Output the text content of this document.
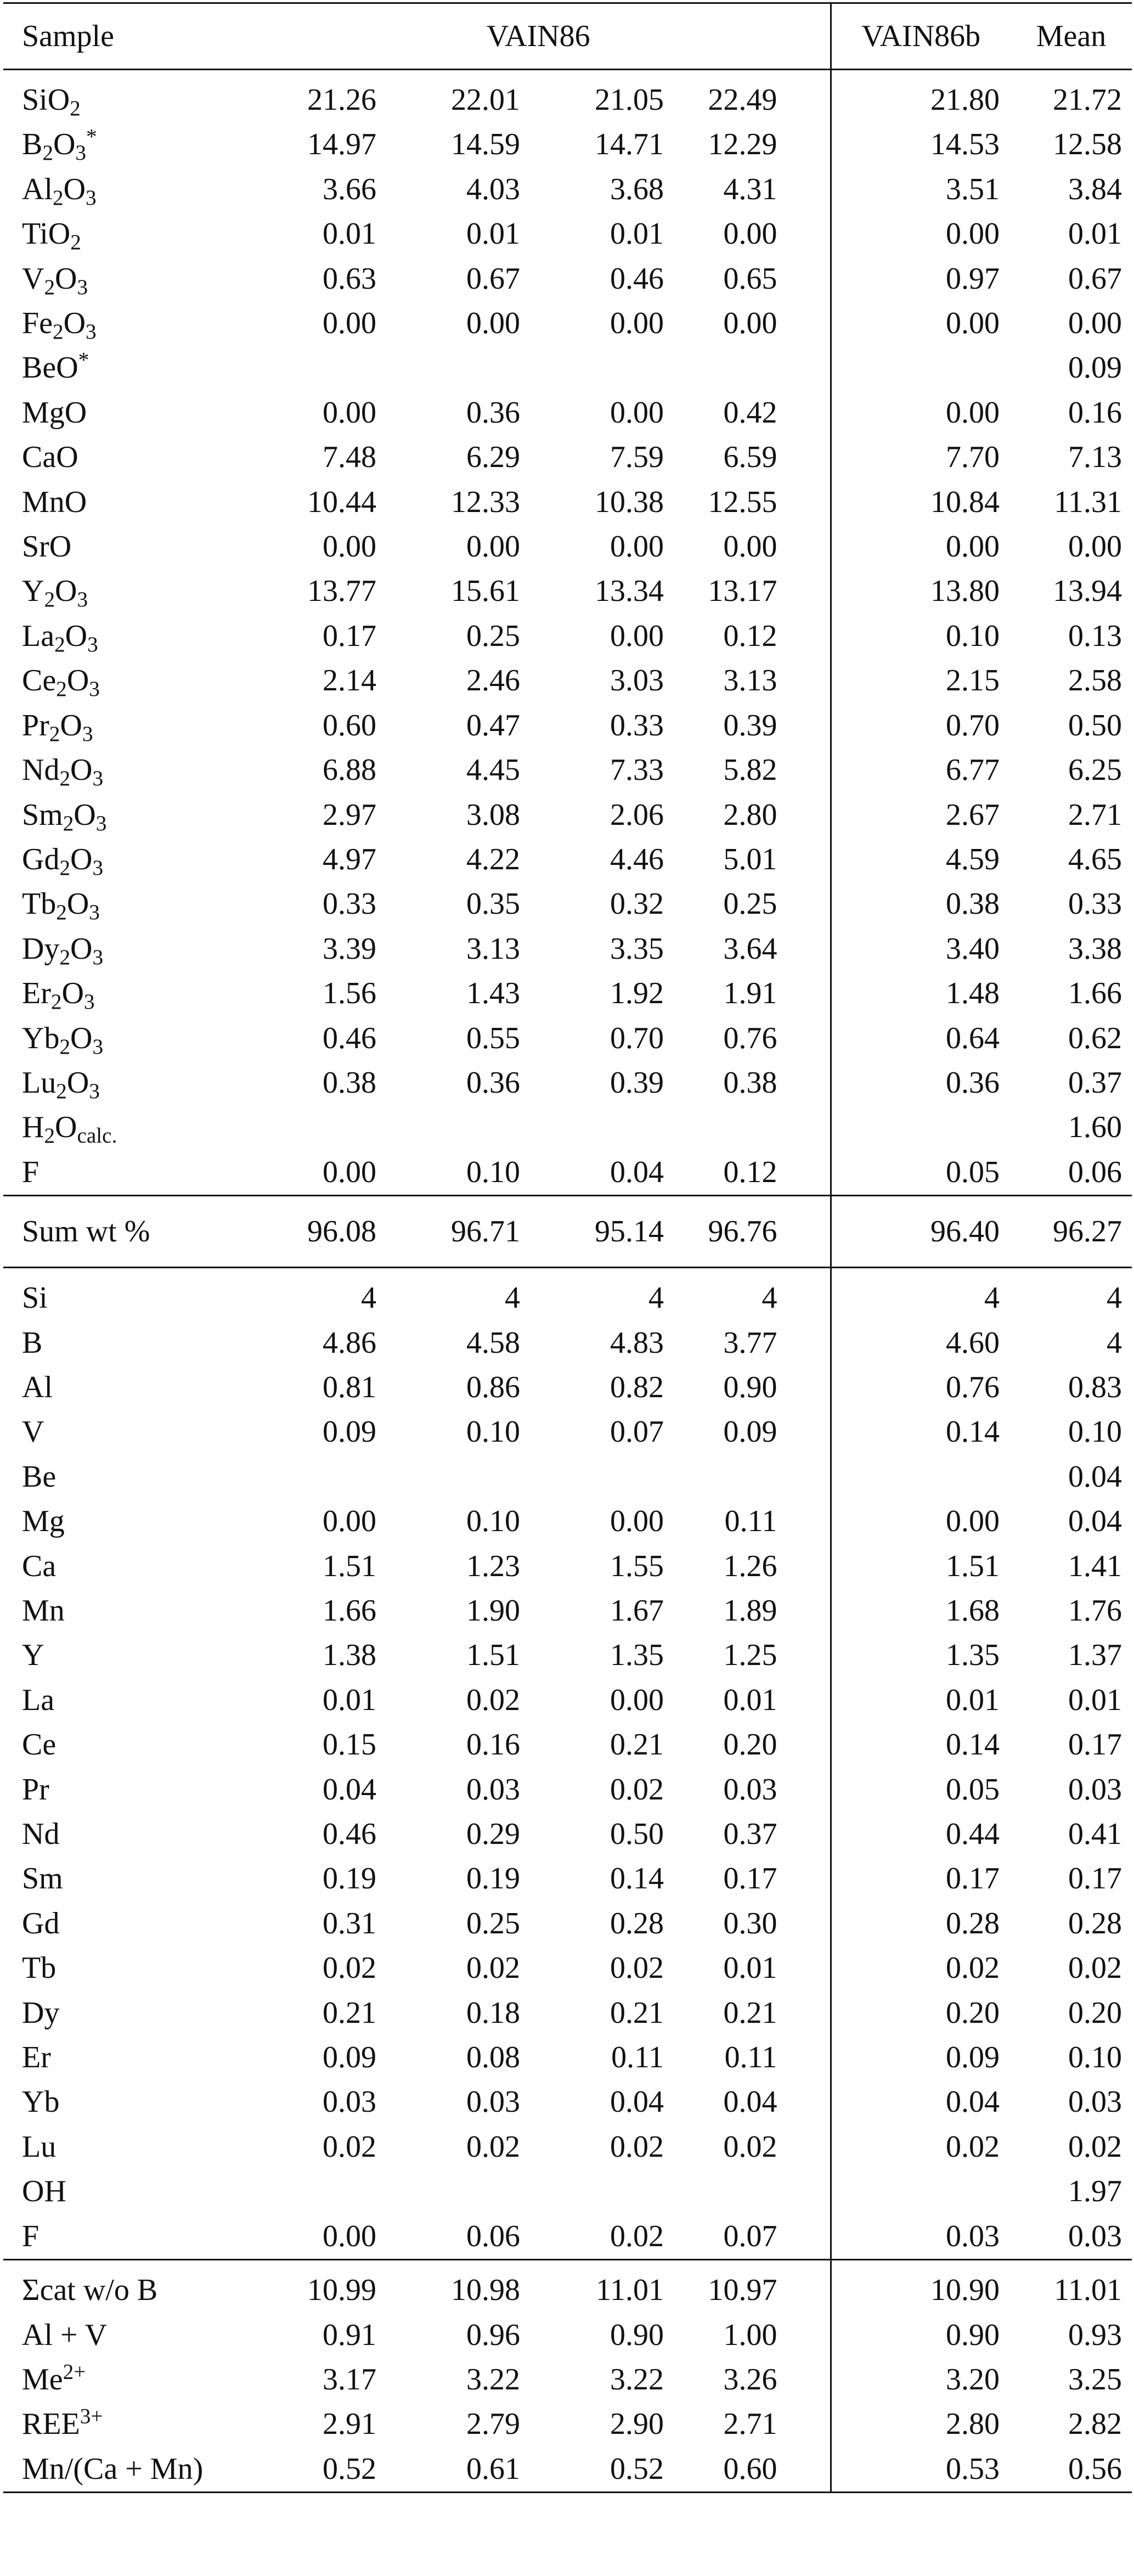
Sample	VAIN86				VAIN86b	Mean
SiO$_2$	21.26	22.01	21.05	22.49	21.80	21.72
$B_2O_3^*$	14.97	14.59	14.71	12.29	14.53	12.58
$Al_2O_3$	3.66	4.03	3.68	4.31	3.51	3.84
TiO$_2$	0.01	0.01	0.01	0.00	0.00	0.01
$V_2O_3$	0.63	0.67	0.46	0.65	0.97	0.67
$Fe_2O_3$	0.00	0.00	0.00	0.00	0.00	0.00
BeO*						0.09
MgO	0.00	0.36	0.00	0.42	0.00	0.16
CaO	7.48	6.29	7.59	6.59	7.70	7.13
MnO	10.44	12.33	10.38	12.55	10.84	11.31
SrO	0.00	0.00	0.00	0.00	0.00	0.00
$Y_2O_3$	13.77	15.61	13.34	13.17	13.80	13.94
$La_2O_3$	0.17	0.25	0.00	0.12	0.10	0.13
$Ce_2O_3$	2.14	2.46	3.03	3.13	2.15	2.58
$Pr_2O_3$	0.60	0.47	0.33	0.39	0.70	0.50
$Nd_2O_3$	6.88	4.45	7.33	5.82	6.77	6.25
$Sm_2O_3$	2.97	3.08	2.06	2.80	2.67	2.71
$Gd_2O_3$	4.97	4.22	4.46	5.01	4.59	4.65
$Tb_2O_3$	0.33	0.35	0.32	0.25	0.38	0.33
$Dy_2O_3$	3.39	3.13	3.35	3.64	3.40	3.38
$Er_2O_3$	1.56	1.43	1.92	1.91	1.48	1.66
$Yb_2O_3$	0.46	0.55	0.70	0.76	0.64	0.62
$Lu_2O_3$	0.38	0.36	0.39	0.38	0.36	0.37
$H_2O_{calc.}$						1.60
F	0.00	0.10	0.04	0.12	0.05	0.06
Sum wt %	96.08	96.71	95.14	96.76	96.40	96.27
Si	4	4	4	4	4	4
B	4.86	4.58	4.83	3.77	4.60	4
Al	0.81	0.86	0.82	0.90	0.76	0.83
V	0.09	0.10	0.07	0.09	0.14	0.10
Be						0.04
Mg	0.00	0.10	0.00	0.11	0.00	0.04
Ca	1.51	1.23	1.55	1.26	1.51	1.41
Mn	1.66	1.90	1.67	1.89	1.68	1.76
Y	1.38	1.51	1.35	1.25	1.35	1.37
La	0.01	0.02	0.00	0.01	0.01	0.01
Ce	0.15	0.16	0.21	0.20	0.14	0.17
Pr	0.04	0.03	0.02	0.03	0.05	0.03
Nd	0.46	0.29	0.50	0.37	0.44	0.41
Sm	0.19	0.19	0.14	0.17	0.17	0.17
Gd	0.31	0.25	0.28	0.30	0.28	0.28
Tb	0.02	0.02	0.02	0.01	0.02	0.02
Dy	0.21	0.18	0.21	0.21	0.20	0.20
Er	0.09	0.08	0.11	0.11	0.09	0.10
Yb	0.03	0.03	0.04	0.04	0.04	0.03
Lu	0.02	0.02	0.02	0.02	0.02	0.02
OH						1.97
F	0.00	0.06	0.02	0.07	0.03	0.03
Σcat w/o B	10.99	10.98	11.01	10.97	10.90	11.01
Al + V	0.91	0.96	0.90	1.00	0.90	0.93
$Me^{2+}$	3.17	3.22	3.22	3.26	3.20	3.25
$REE^{3+}$	2.91	2.79	2.90	2.71	2.80	2.82
Mn/(Ca + Mn)	0.52	0.61	0.52	0.60	0.53	0.56
